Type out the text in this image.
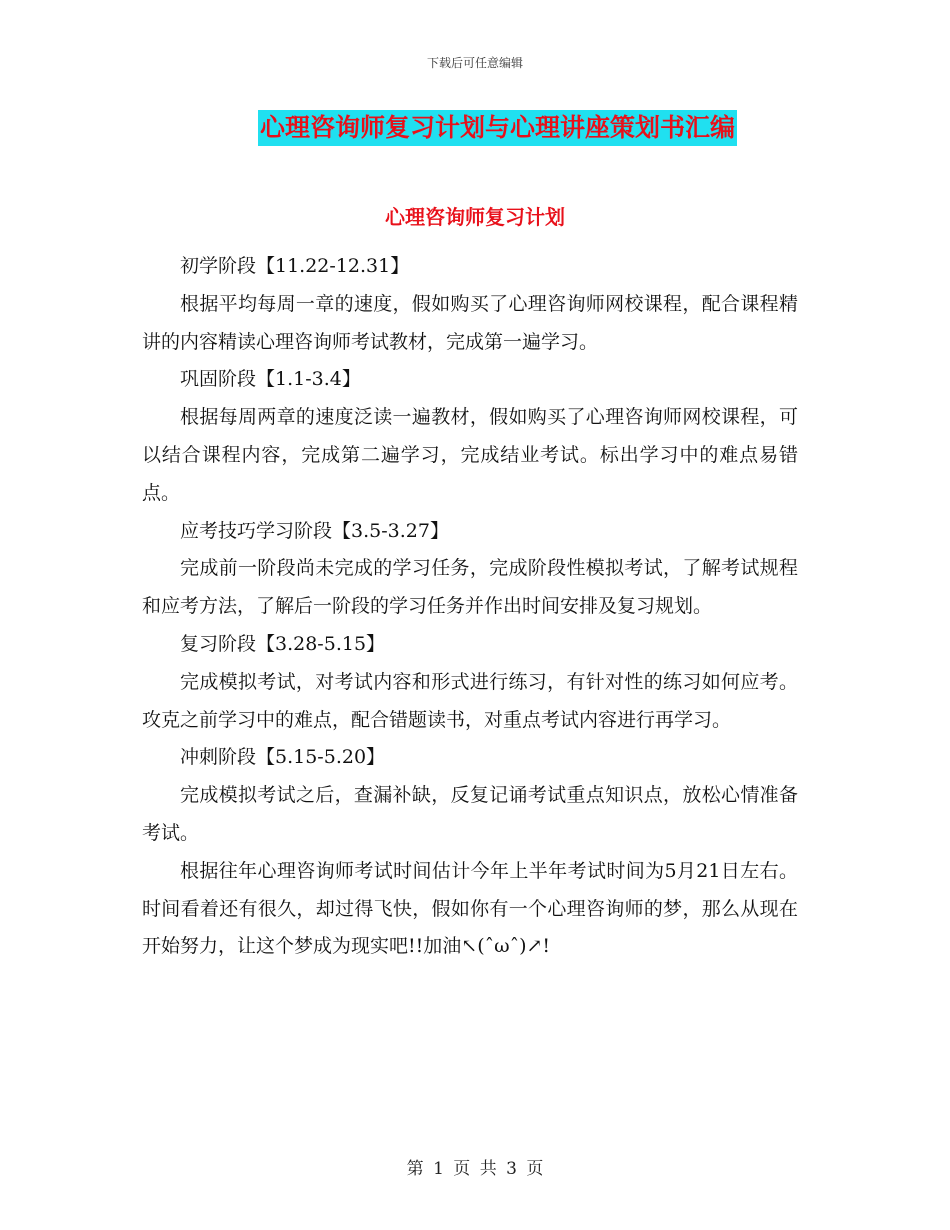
下载后可任意编辑
心理咨询师复习计划与心理讲座策划书汇编
心理咨询师复习计划

初学阶段【11.22-12.31】

根据平均每周一章的速度，假如购买了心理咨询师网校课程，配合课程精讲的内容精读心理咨询师考试教材，完成第一遍学习。

巩固阶段【1.1-3.4】

根据每周两章的速度泛读一遍教材，假如购买了心理咨询师网校课程，可以结合课程内容，完成第二遍学习，完成结业考试。标出学习中的难点易错点。

应考技巧学习阶段【3.5-3.27】

完成前一阶段尚未完成的学习任务，完成阶段性模拟考试，了解考试规程和应考方法，了解后一阶段的学习任务并作出时间安排及复习规划。

复习阶段【3.28-5.15】

完成模拟考试，对考试内容和形式进行练习，有针对性的练习如何应考。攻克之前学习中的难点，配合错题读书，对重点考试内容进行再学习。

冲刺阶段【5.15-5.20】

完成模拟考试之后，查漏补缺，反复记诵考试重点知识点，放松心情准备考试。

根据往年心理咨询师考试时间估计今年上半年考试时间为5月21日左右。时间看着还有很久，却过得飞快，假如你有一个心理咨询师的梦，那么从现在开始努力，让这个梦成为现实吧!!加油↖(ˆωˆ)↗!

第 1 页 共 3 页
